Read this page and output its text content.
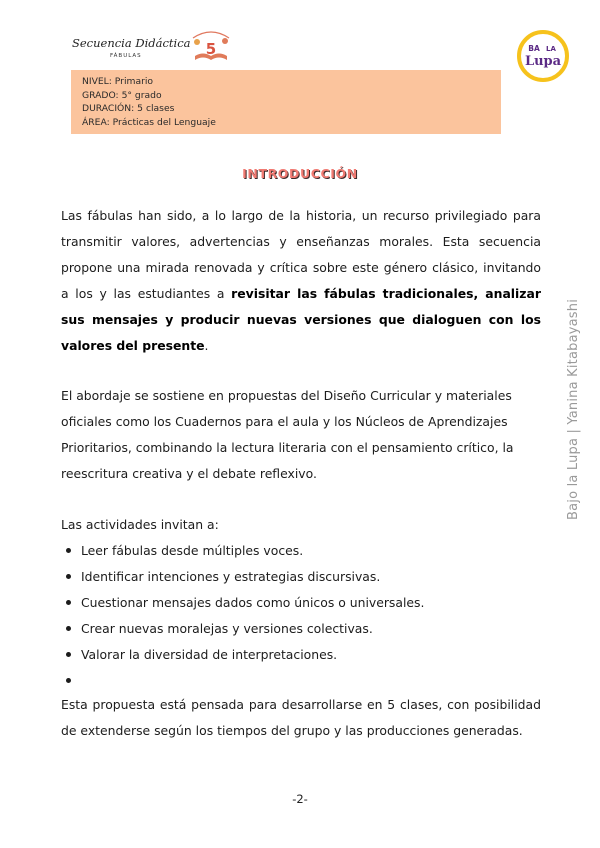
Secuencia Didáctica
FÁBULAS	5	BA LA
Lupa
NIVEL: Primario
GRADO: 5° grado
DURACIÓN: 5 clases
ÁREA: Prácticas del Lenguaje
INTRODUCCIÓN
Las fábulas han sido, a lo largo de la historia, un recurso privilegiado para transmitir valores, advertencias y enseñanzas morales. Esta secuencia propone una mirada renovada y crítica sobre este género clásico, invitando a los y las estudiantes a revisitar las fábulas tradicionales, analizar sus mensajes y producir nuevas versiones que dialoguen con los valores del presente.
El abordaje se sostiene en propuestas del Diseño Curricular y materiales oficiales como los Cuadernos para el aula y los Núcleos de Aprendizajes Prioritarios, combinando la lectura literaria con el pensamiento crítico, la reescritura creativa y el debate reflexivo.
Las actividades invitan a:
Leer fábulas desde múltiples voces.
Identificar intenciones y estrategias discursivas.
Cuestionar mensajes dados como únicos o universales.
Crear nuevas moralejas y versiones colectivas.
Valorar la diversidad de interpretaciones.
Esta propuesta está pensada para desarrollarse en 5 clases, con posibilidad de extenderse según los tiempos del grupo y las producciones generadas.
Bajo la Lupa | Yanina Kitabayashi
-2-
